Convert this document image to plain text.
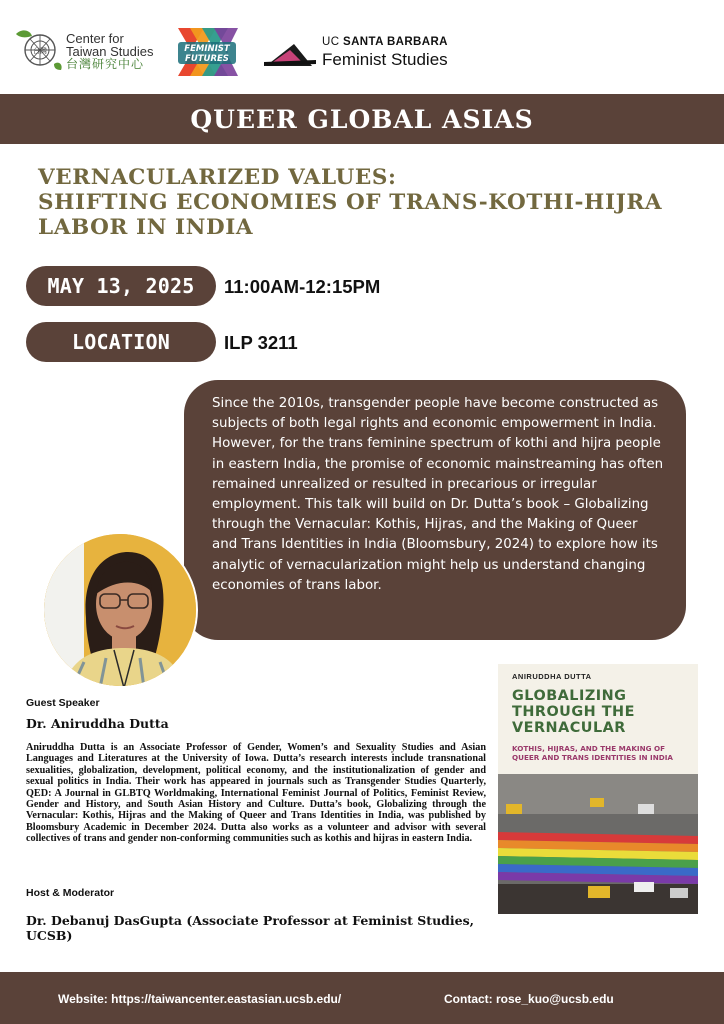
台灣
Center for
Taiwan Studies
台灣研究中心
FEMINIST
FUTURES
UC SANTA BARBARA
Feminist Studies
QUEER GLOBAL ASIAS
VERNACULARIZED VALUES:
SHIFTING ECONOMIES OF TRANS-KOTHI-HIJRA
LABOR IN INDIA
MAY 13, 2025 11:00AM-12:15PM
LOCATION	ILP 3211

Since the 2010s, transgender people have become constructed as subjects of both legal rights and economic empowerment in India. However, for the trans feminine spectrum of kothi and hijra people in eastern India, the promise of economic mainstreaming has often remained unrealized or resulted in precarious or irregular employment. This talk will build on Dr. Dutta’s book – Globalizing through the Vernacular: Kothis, Hijras, and the Making of Queer and Trans Identities in India (Bloomsbury, 2024) to explore how its analytic of vernacularization might help us understand changing economies of trans labor.

Guest Speaker
Dr. Aniruddha Dutta
Aniruddha Dutta is an Associate Professor of Gender, Women’s and Sexuality Studies and Asian Languages and Literatures at the University of Iowa. Dutta’s research interests include transnational sexualities, globalization, development, political economy, and the institutionalization of gender and sexual politics in India. Their work has appeared in journals such as Transgender Studies Quarterly, QED: A Journal in GLBTQ Worldmaking, International Feminist Journal of Politics, Feminist Review, Gender and History, and South Asian History and Culture. Dutta’s book, Globalizing through the Vernacular: Kothis, Hijras and the Making of Queer and Trans Identities in India, was published by Bloomsbury Academic in December 2024. Dutta also works as a volunteer and advisor with several collectives of trans and gender non-conforming communities such as kothis and hijras in eastern India.
Host & Moderator
Dr. Debanuj DasGupta (Associate Professor at Feminist Studies, UCSB)
ANIRUDDHA DUTTA
GLOBALIZING
THROUGH THE
VERNACULAR
KOTHIS, HIJRAS, AND THE MAKING OF
QUEER AND TRANS IDENTITIES IN INDIA
Website: https://taiwancenter.eastasian.ucsb.edu/	Contact: rose_kuo@ucsb.edu
